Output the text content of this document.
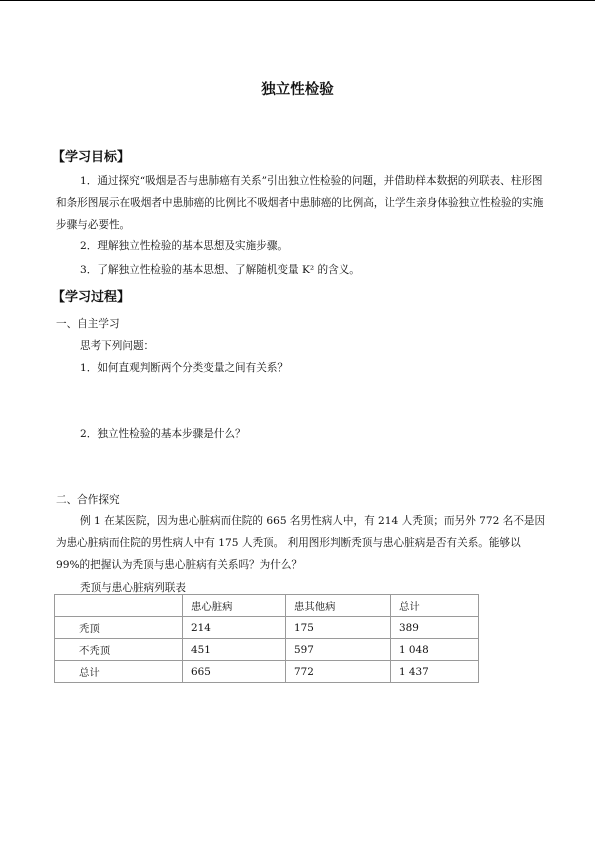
独立性检验
【学习目标】

1．通过探究“吸烟是否与患肺癌有关系”引出独立性检验的问题，并借助样本数据的列联表、柱形图和条形图展示在吸烟者中患肺癌的比例比不吸烟者中患肺癌的比例高，让学生亲身体验独立性检验的实施步骤与必要性。

2．理解独立性检验的基本思想及实施步骤。
3．了解独立性检验的基本思想、了解随机变量 K² 的含义。
【学习过程】
一、自主学习
思考下列问题：
1．如何直观判断两个分类变量之间有关系？
2．独立性检验的基本步骤是什么？
二、合作探究

例 1 在某医院，因为患心脏病而住院的 665 名男性病人中，有 214 人秃顶；而另外 772 名不是因为患心脏病而住院的男性病人中有 175 人秃顶。 利用图形判断秃顶与患心脏病是否有关系。能够以 99%的把握认为秃顶与患心脏病有关系吗？为什么？

秃顶与患心脏病列联表
	患心脏病	患其他病	总计
秃顶	214	175	389
不秃顶	451	597	1 048
总计	665	772	1 437
